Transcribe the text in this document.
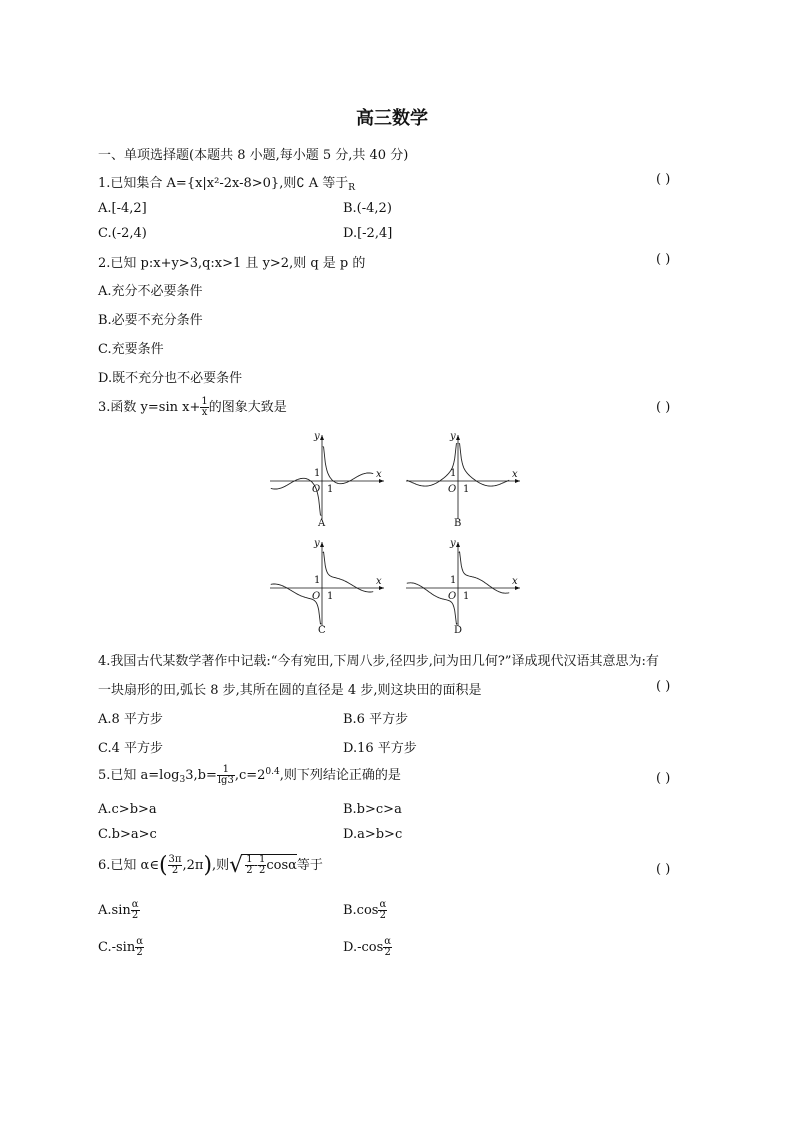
高三数学
一、单项选择题(本题共 8 小题,每小题 5 分,共 40 分)
1.已知集合 A={x|x²-2x-8>0},则∁ A 等于$_R$
( )
A.[-4,2]	B.(-4,2)
C.(-2,4)	D.[-2,4]
2.已知 p:x+y>3,q:x>1 且 y>2,则 q 是 p 的	( )
A.充分不必要条件
B.必要不充分条件
C.充要条件
D.既不充分也不必要条件
3.函数 y=sin $x+ \frac{1}{x}$ 的图象大致是	( )
y
x
O 1
1
A
y
x
O 1
1
B
y
x
O 1
1
C
y
x
O 1
1
D
4.我国古代某数学著作中记载:“今有宛田,下周八步,径四步,问为田几何?”译成现代汉语其意思为:有
一块扇形的田,弧长 8 步,其所在圆的直径是 4 步,则这块田的面积是	( )
A.8 平方步	B.6 平方步
C.4 平方步	D.16 平方步
5.已知 $a=\log_33,b= \frac{1}{\lg 3} ,c=2^{0.4}$,则下列结论正确的是	( )
A.c>b>a	B.b>c>a
C.b>a>c	D.a>b>c
6.已知 α∈( $\frac{3\pi}{2} ,2\pi$),则√ $\frac{1}{2} - \frac{1}{2}$ cosα等于	( )
$A.\sin \frac{\alpha}{2}$	$B.\cos \frac{\alpha}{2}$
$C.-\sin \frac{\alpha}{2}$	$D.-\cos \frac{\alpha}{2}$
